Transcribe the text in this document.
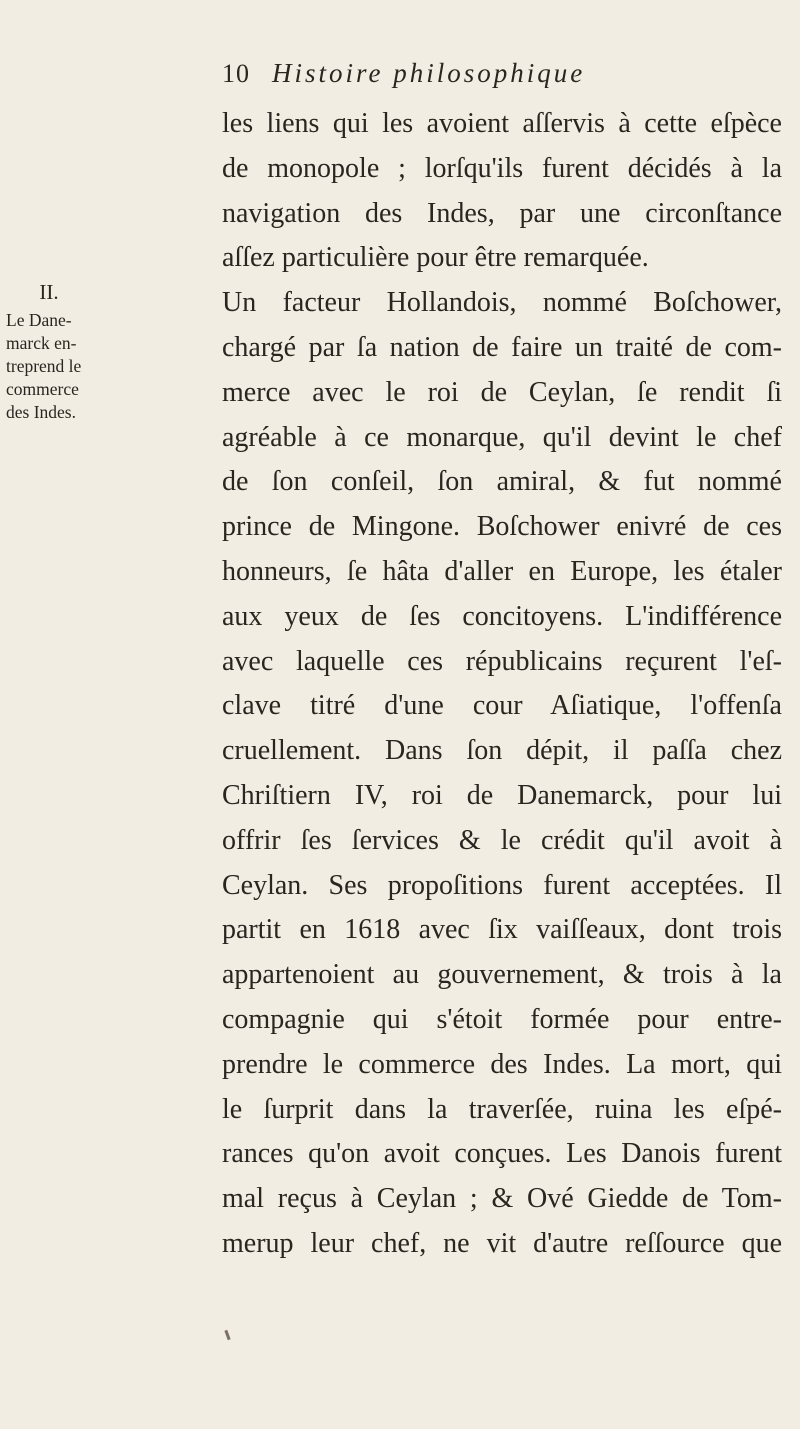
10 Histoire philosophique
II.
Le Dane-
marck en-
treprend le
commerce
des Indes.
les liens qui les avoient aſſervis à cette eſpèce
de monopole ; lorſqu'ils furent décidés à la
navigation des Indes, par une circonſtance
aſſez particulière pour être remarquée.
Un facteur Hollandois, nommé Boſchower,
chargé par ſa nation de faire un traité de com-
merce avec le roi de Ceylan, ſe rendit ſi
agréable à ce monarque, qu'il devint le chef
de ſon conſeil, ſon amiral, & fut nommé
prince de Mingone. Boſchower enivré de ces
honneurs, ſe hâta d'aller en Europe, les étaler
aux yeux de ſes concitoyens. L'indifférence
avec laquelle ces républicains reçurent l'eſ-
clave titré d'une cour Aſiatique, l'offenſa
cruellement. Dans ſon dépit, il paſſa chez
Chriſtiern IV, roi de Danemarck, pour lui
offrir ſes ſervices & le crédit qu'il avoit à
Ceylan. Ses propoſitions furent acceptées. Il
partit en 1618 avec ſix vaiſſeaux, dont trois
appartenoient au gouvernement, & trois à la
compagnie qui s'étoit formée pour entre-
prendre le commerce des Indes. La mort, qui
le ſurprit dans la traverſée, ruina les eſpé-
rances qu'on avoit conçues. Les Danois furent
mal reçus à Ceylan ; & Ové Giedde de Tom-
merup leur chef, ne vit d'autre reſſource que
